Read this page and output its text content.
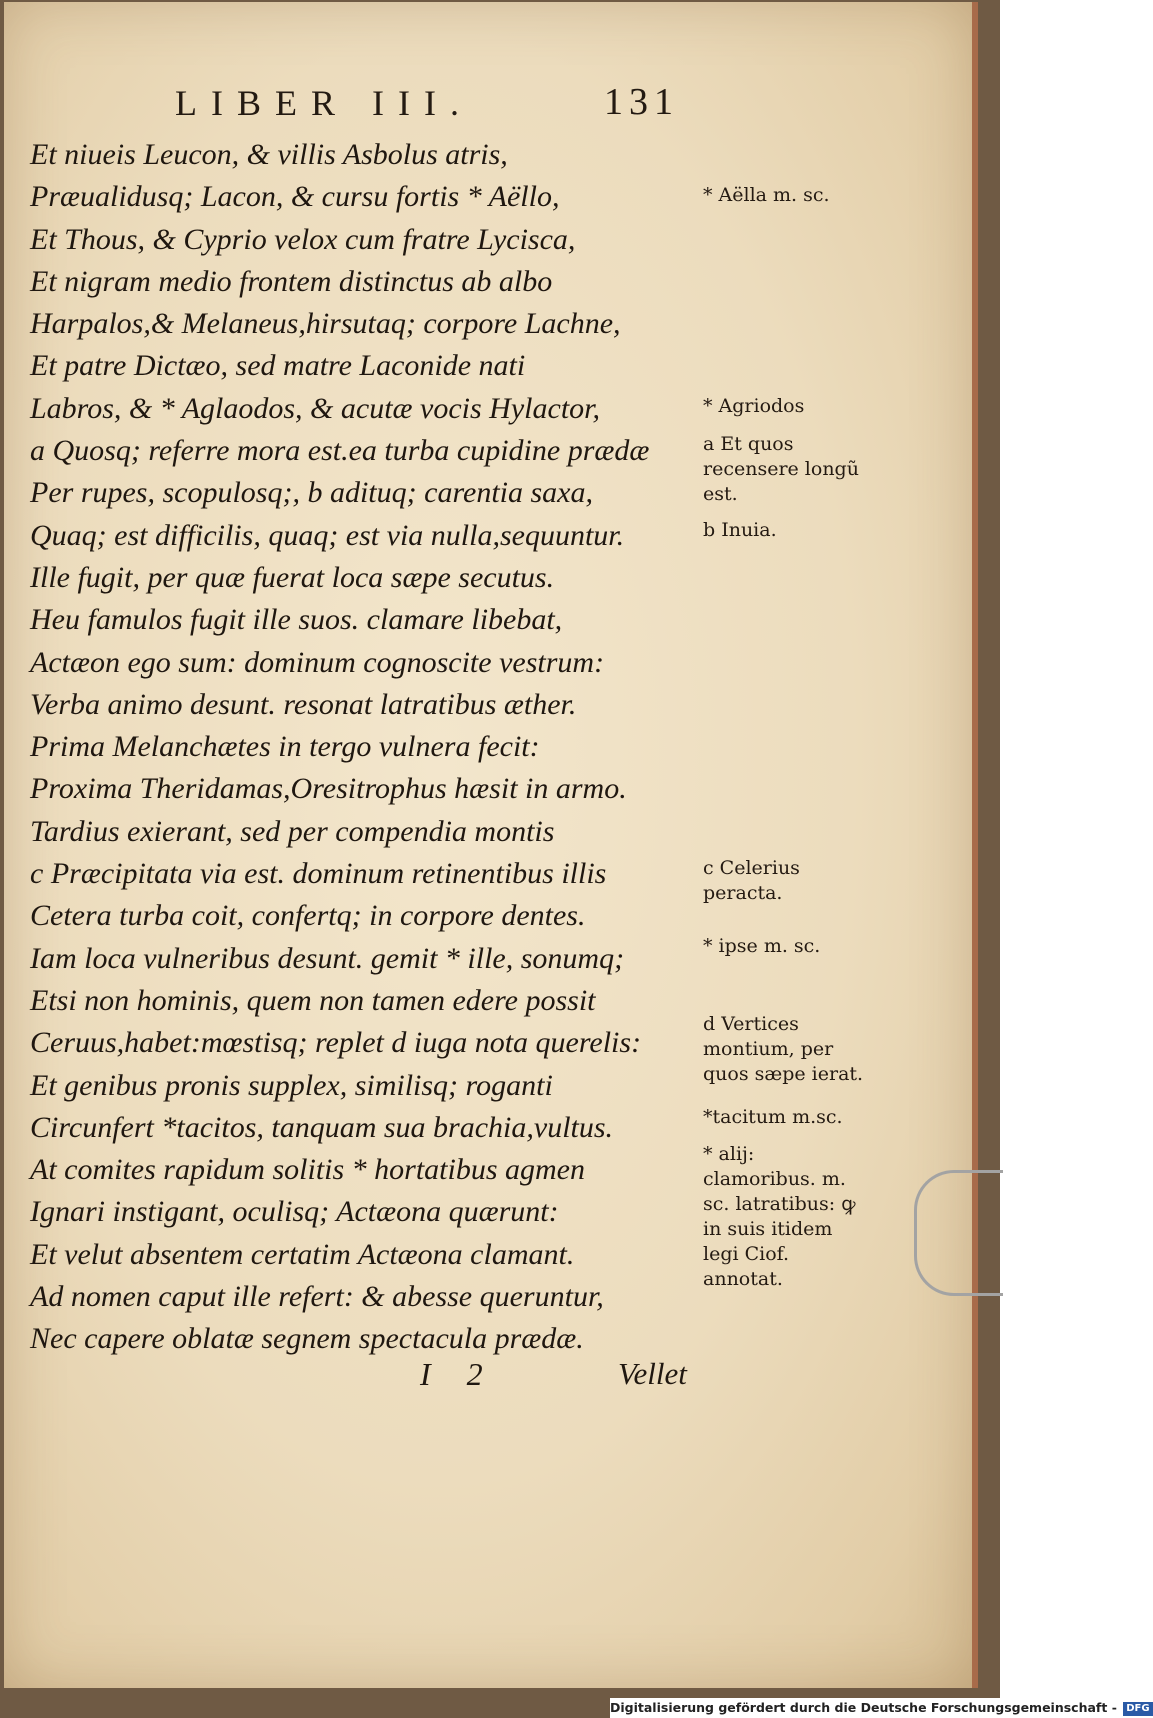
LIBER III.	131
Et niueis Leucon, & villis Asbolus atris,
Præualidusq; Lacon, & cursu fortis * Aëllo,
Et Thous, & Cyprio velox cum fratre Lycisca,
Et nigram medio frontem distinctus ab albo
Harpalos,& Melaneus,hirsutaq; corpore Lachne,
Et patre Dictæo, sed matre Laconide nati
Labros, & * Aglaodos, & acutæ vocis Hylactor,
a Quosq; referre mora est.ea turba cupidine prædæ
Per rupes, scopulosq;, b adituq; carentia saxa,
Quaq; est difficilis, quaq; est via nulla,sequuntur.
Ille fugit, per quæ fuerat loca sæpe secutus.
Heu famulos fugit ille suos. clamare libebat,
Actæon ego sum: dominum cognoscite vestrum:
Verba animo desunt. resonat latratibus æther.
Prima Melanchætes in tergo vulnera fecit:
Proxima Theridamas,Oresitrophus hæsit in armo.
Tardius exierant, sed per compendia montis
c Præcipitata via est. dominum retinentibus illis
Cetera turba coit, confertq; in corpore dentes.
Iam loca vulneribus desunt. gemit * ille, sonumq;
Etsi non hominis, quem non tamen edere possit
Ceruus,habet:mœstisq; replet d iuga nota querelis:
Et genibus pronis supplex, similisq; roganti
Circunfert *tacitos, tanquam sua brachia,vultus.
At comites rapidum solitis * hortatibus agmen
Ignari instigant, oculisq; Actæona quærunt:
Et velut absentem certatim Actæona clamant.
Ad nomen caput ille refert: & abesse queruntur,
Nec capere oblatæ segnem spectacula prædæ.
* Aëlla m. sc.
* Agriodos
a Et quos recensere longũ est.
b Inuia.
c Celerius peracta.
* ipse m. sc.
d Vertices montium, per quos sæpe ierat.
*tacitum m.sc.
* alij: clamoribus. m. sc. latratibus: ꝙ in suis itidem legi Ciof. annotat.
I 2	Vellet
Digitalisierung gefördert durch die Deutsche Forschungsgemeinschaft - DFG
